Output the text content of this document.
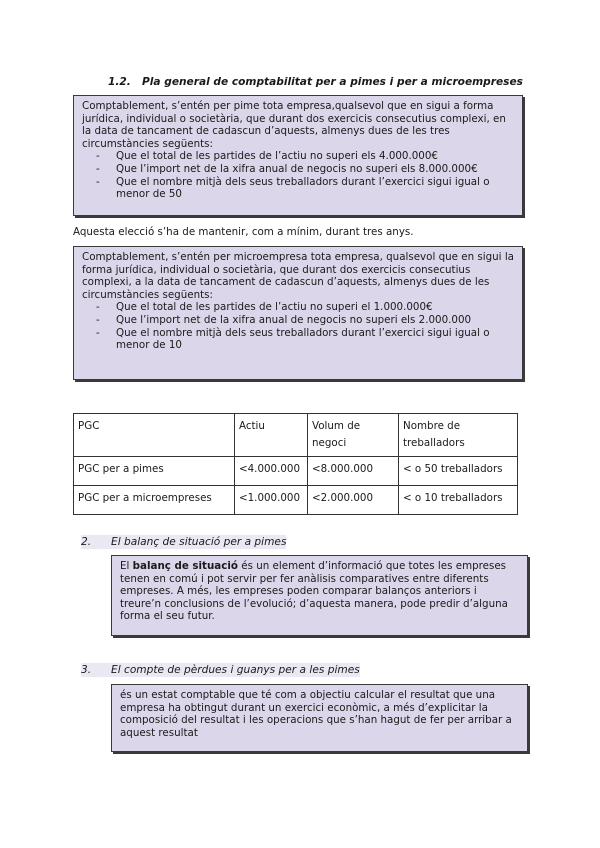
1.2. Pla general de comptabilitat per a pimes i per a microempreses

Comptablement, s’entén per pime tota empresa,qualsevol que en sigui a forma jurídica, individual o societària, que durant dos exercicis consecutius complexi, en la data de tancament de cadascun d’aquests, almenys dues de les tres circumstàncies següents:

- Que el total de les partides de l’actiu no superi els 4.000.000€
- Que l’import net de la xifra anual de negocis no superi els 8.000.000€
- Que el nombre mitjà dels seus treballadors durant l’exercici sigui igual o menor de 50
Aquesta elecció s’ha de mantenir, com a mínim, durant tres anys.

Comptablement, s’entén per microempresa tota empresa, qualsevol que en sigui la forma jurídica, individual o societària, que durant dos exercicis consecutius complexi, a la data de tancament de cadascun d’aquests, almenys dues de les circumstàncies següents:

- Que el total de les partides de l’actiu no superi el 1.000.000€
- Que l’import net de la xifra anual de negocis no superi els 2.000.000
- Que el nombre mitjà dels seus treballadors durant l’exercici sigui igual o menor de 10
PGC	Actiu	Volum de negoci	Nombre de treballadors
PGC per a pimes	<4.000.000	<8.000.000	< o 50 treballadors
PGC per a microempreses	<1.000.000	<2.000.000	< o 10 treballadors
2. El balanç de situació per a pimes

El balanç de situació és un element d’informació que totes les empreses tenen en comú i pot servir per fer anàlisis comparatives entre diferents empreses. A més, les empreses poden comparar balanços anteriors i treure’n conclusions de l’evolució; d’aquesta manera, pode predir d’alguna forma el seu futur.

3. El compte de pèrdues i guanys per a les pimes

és un estat comptable que té com a objectiu calcular el resultat que una empresa ha obtingut durant un exercici econòmic, a més d’explicitar la composició del resultat i les operacions que s’han hagut de fer per arribar a aquest resultat
